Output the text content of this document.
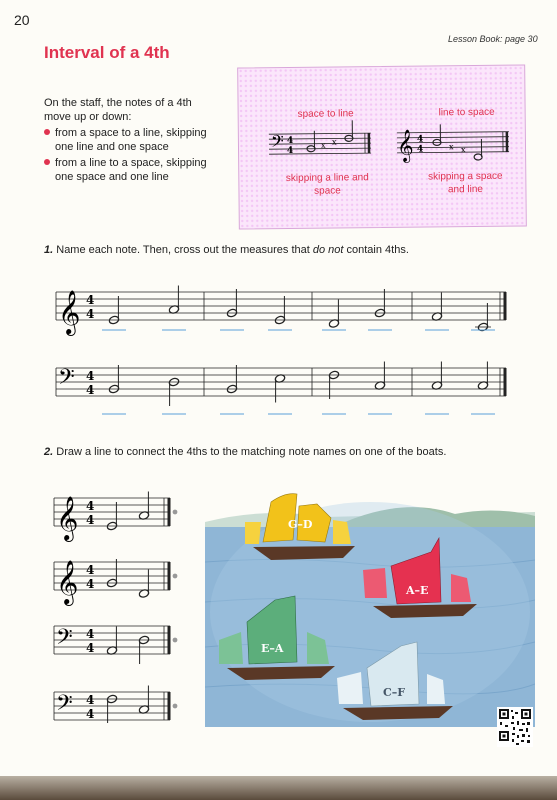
20
Lesson Book: page 30
Interval of a 4th
On the staff, the notes of a 4th move up or down:
from a space to a line, skipping one line and one space
from a line to a space, skipping one space and one line
space to line	line to space
skipping a line and space
skipping a space and line
𝄢 4
4
x x 𝄞 4
4	x x
1. Name each note. Then, cross out the measures that do not contain 4ths.
𝄞 4
4
𝄢 4
4
2. Draw a line to connect the 4ths to the matching note names on one of the boats.
𝄞 4
4
𝄞 4
4
𝄢 4
4
𝄢 4
4
G–D
A–E
E–A
C–F
